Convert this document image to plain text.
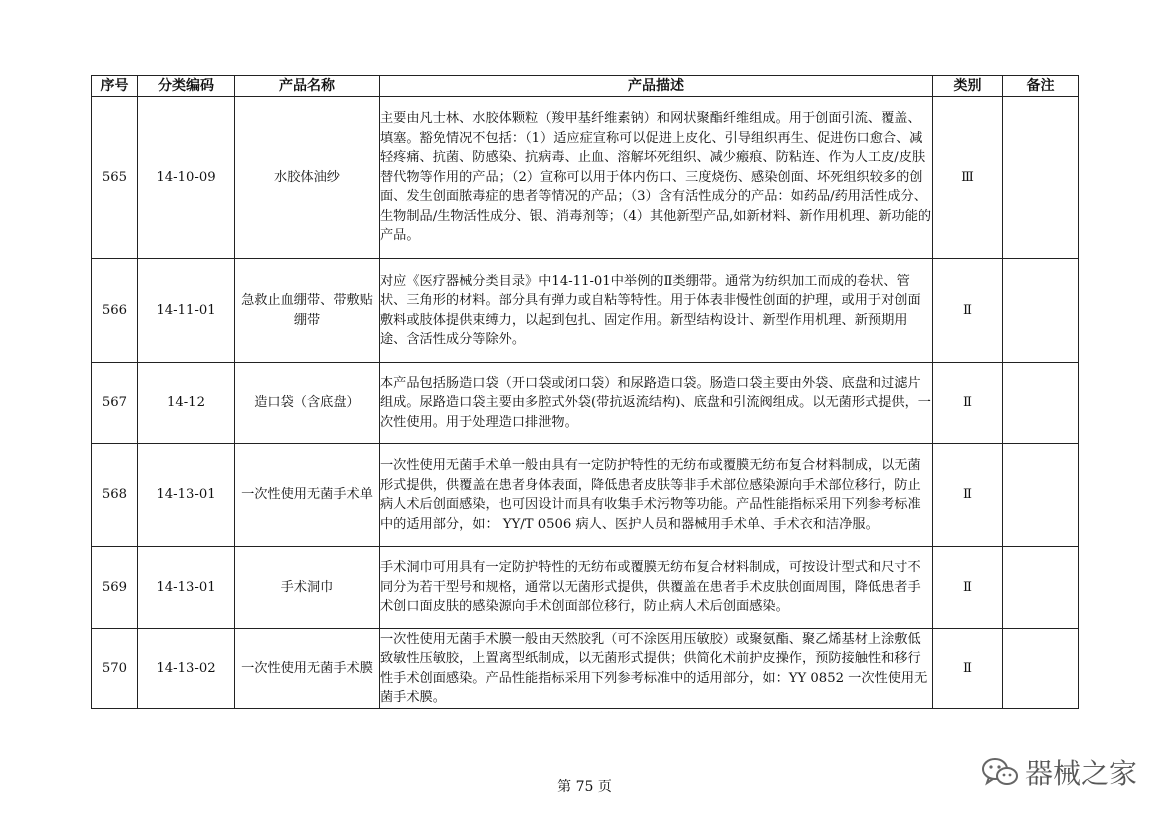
序号	分类编码	产品名称	产品描述	类别	备注
565	14-10-09	水胶体油纱	主要由凡士林、水胶体颗粒（羧甲基纤维素钠）和网状聚酯纤维组成。用于创面引流、覆盖、填塞。豁免情况不包括：（1）适应症宣称可以促进上皮化、引导组织再生、促进伤口愈合、减轻疼痛、抗菌、防感染、抗病毒、止血、溶解坏死组织、减少瘢痕、防粘连、作为人工皮/皮肤替代物等作用的产品；（2）宣称可以用于体内伤口、三度烧伤、感染创面、坏死组织较多的创面、发生创面脓毒症的患者等情况的产品；（3）含有活性成分的产品：如药品/药用活性成分、生物制品/生物活性成分、银、消毒剂等；（4）其他新型产品,如新材料、新作用机理、新功能的产品。	Ⅲ	
566	14-11-01	急救止血绷带、带敷贴绷带	对应《医疗器械分类目录》中14-11-01中举例的Ⅱ类绷带。通常为纺织加工而成的卷状、管状、三角形的材料。部分具有弹力或自粘等特性。用于体表非慢性创面的护理，或用于对创面敷料或肢体提供束缚力，以起到包扎、固定作用。新型结构设计、新型作用机理、新预期用途、含活性成分等除外。	Ⅱ	
567	14-12	造口袋（含底盘）	本产品包括肠造口袋（开口袋或闭口袋）和尿路造口袋。肠造口袋主要由外袋、底盘和过滤片组成。尿路造口袋主要由多腔式外袋(带抗返流结构)、底盘和引流阀组成。以无菌形式提供，一次性使用。用于处理造口排泄物。	Ⅱ	
568	14-13-01	一次性使用无菌手术单	一次性使用无菌手术单一般由具有一定防护特性的无纺布或覆膜无纺布复合材料制成，以无菌形式提供，供覆盖在患者身体表面，降低患者皮肤等非手术部位感染源向手术部位移行，防止病人术后创面感染，也可因设计而具有收集手术污物等功能。产品性能指标采用下列参考标准中的适用部分，如： YY/T 0506 病人、医护人员和器械用手术单、手术衣和洁净服。	Ⅱ	
569	14-13-01	手术洞巾	手术洞巾可用具有一定防护特性的无纺布或覆膜无纺布复合材料制成，可按设计型式和尺寸不同分为若干型号和规格，通常以无菌形式提供，供覆盖在患者手术皮肤创面周围，降低患者手术创口面皮肤的感染源向手术创面部位移行，防止病人术后创面感染。	Ⅱ	
570	14-13-02	一次性使用无菌手术膜	一次性使用无菌手术膜一般由天然胶乳（可不涂医用压敏胶）或聚氨酯、聚乙烯基材上涂敷低致敏性压敏胶，上置离型纸制成，以无菌形式提供；供简化术前护皮操作，预防接触性和移行性手术创面感染。产品性能指标采用下列参考标准中的适用部分，如：YY 0852 一次性使用无菌手术膜。	Ⅱ	
第 75 页	器械之家
